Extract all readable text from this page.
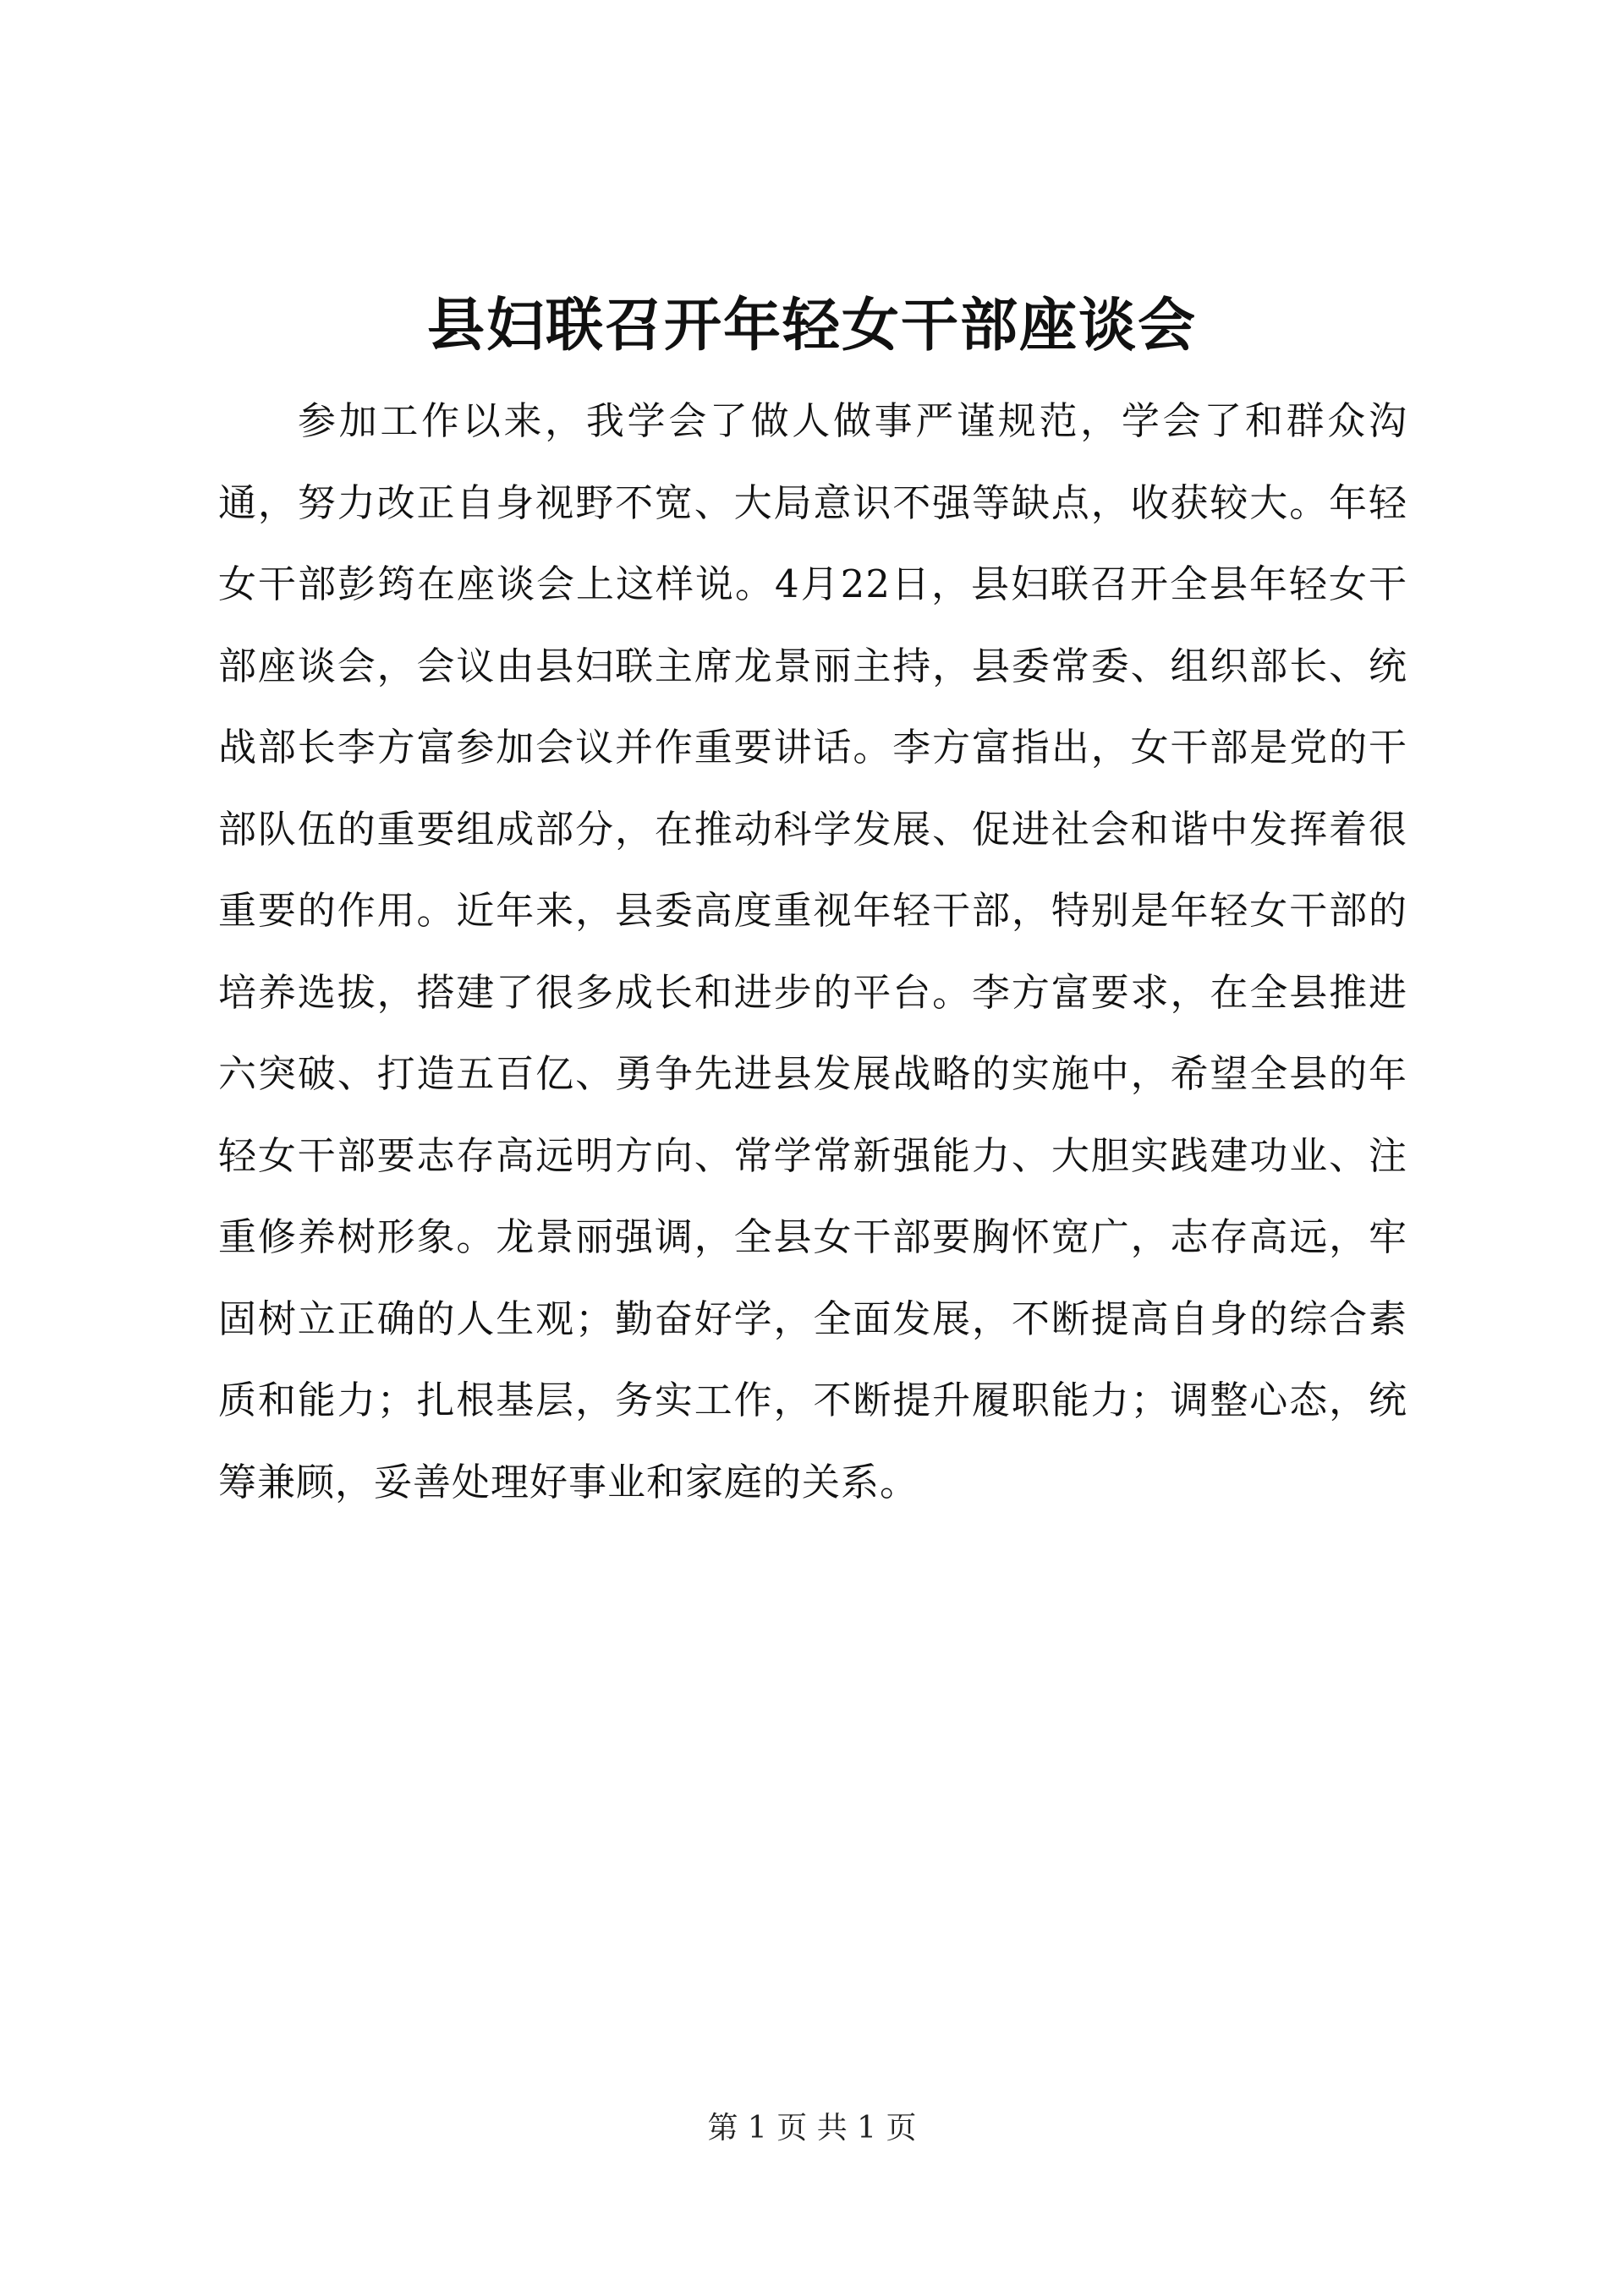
县妇联召开年轻女干部座谈会

参加工作以来，我学会了做人做事严谨规范，学会了和群众沟通，努力改正自身视野不宽、大局意识不强等缺点，收获较大。年轻女干部彭筠在座谈会上这样说。4月22日，县妇联召开全县年轻女干部座谈会，会议由县妇联主席龙景丽主持，县委常委、组织部长、统战部长李方富参加会议并作重要讲话。李方富指出，女干部是党的干部队伍的重要组成部分，在推动科学发展、促进社会和谐中发挥着很重要的作用。近年来，县委高度重视年轻干部，特别是年轻女干部的培养选拔，搭建了很多成长和进步的平台。李方富要求，在全县推进六突破、打造五百亿、勇争先进县发展战略的实施中，希望全县的年轻女干部要志存高远明方向、常学常新强能力、大胆实践建功业、注重修养树形象。龙景丽强调，全县女干部要胸怀宽广，志存高远，牢固树立正确的人生观；勤奋好学，全面发展，不断提高自身的综合素质和能力；扎根基层，务实工作，不断提升履职能力；调整心态，统筹兼顾，妥善处理好事业和家庭的关系。

第 1 页 共 1 页
